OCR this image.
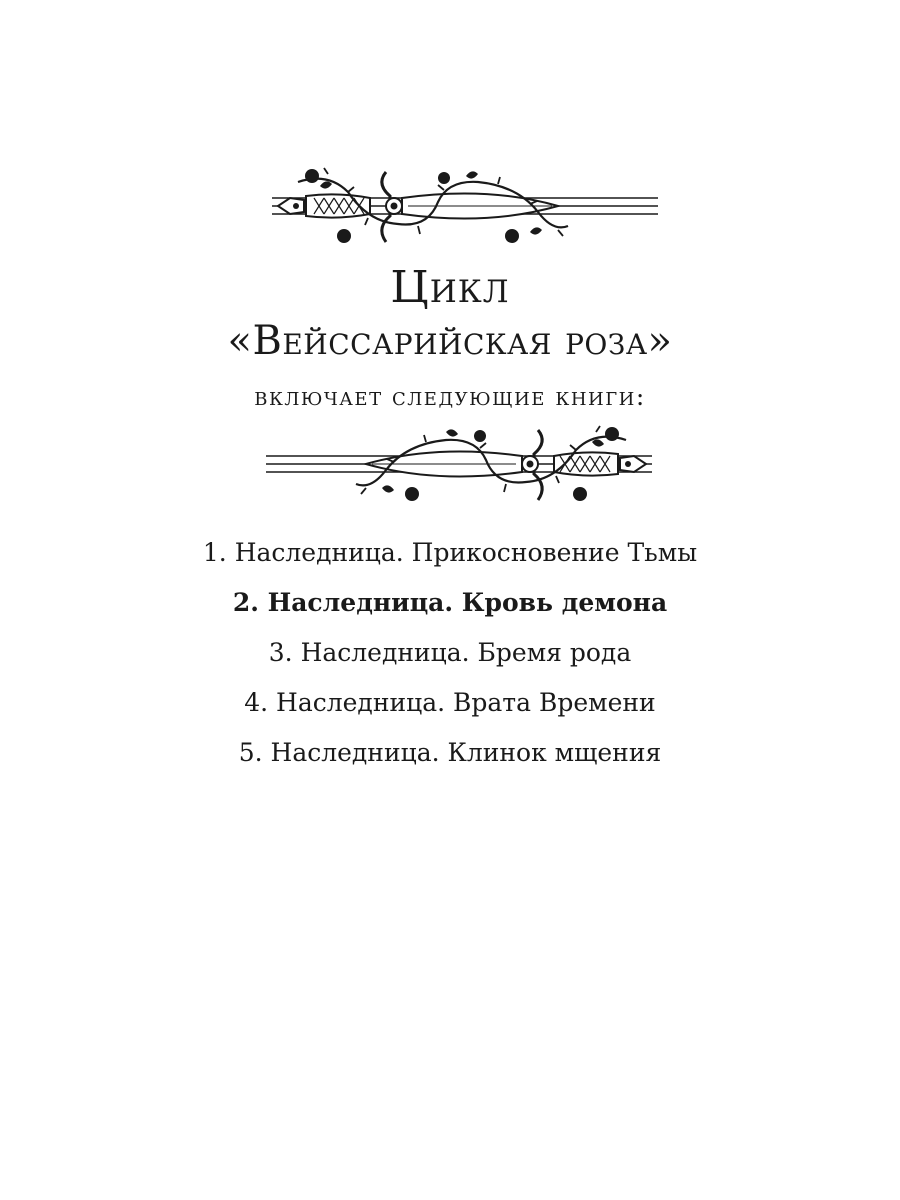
Цикл
«Вейссарийская роза»
включает следующие книги:
1. Наследница. Прикосновение Тьмы
2. Наследница. Кровь демона
3. Наследница. Бремя рода
4. Наследница. Врата Времени
5. Наследница. Клинок мщения
